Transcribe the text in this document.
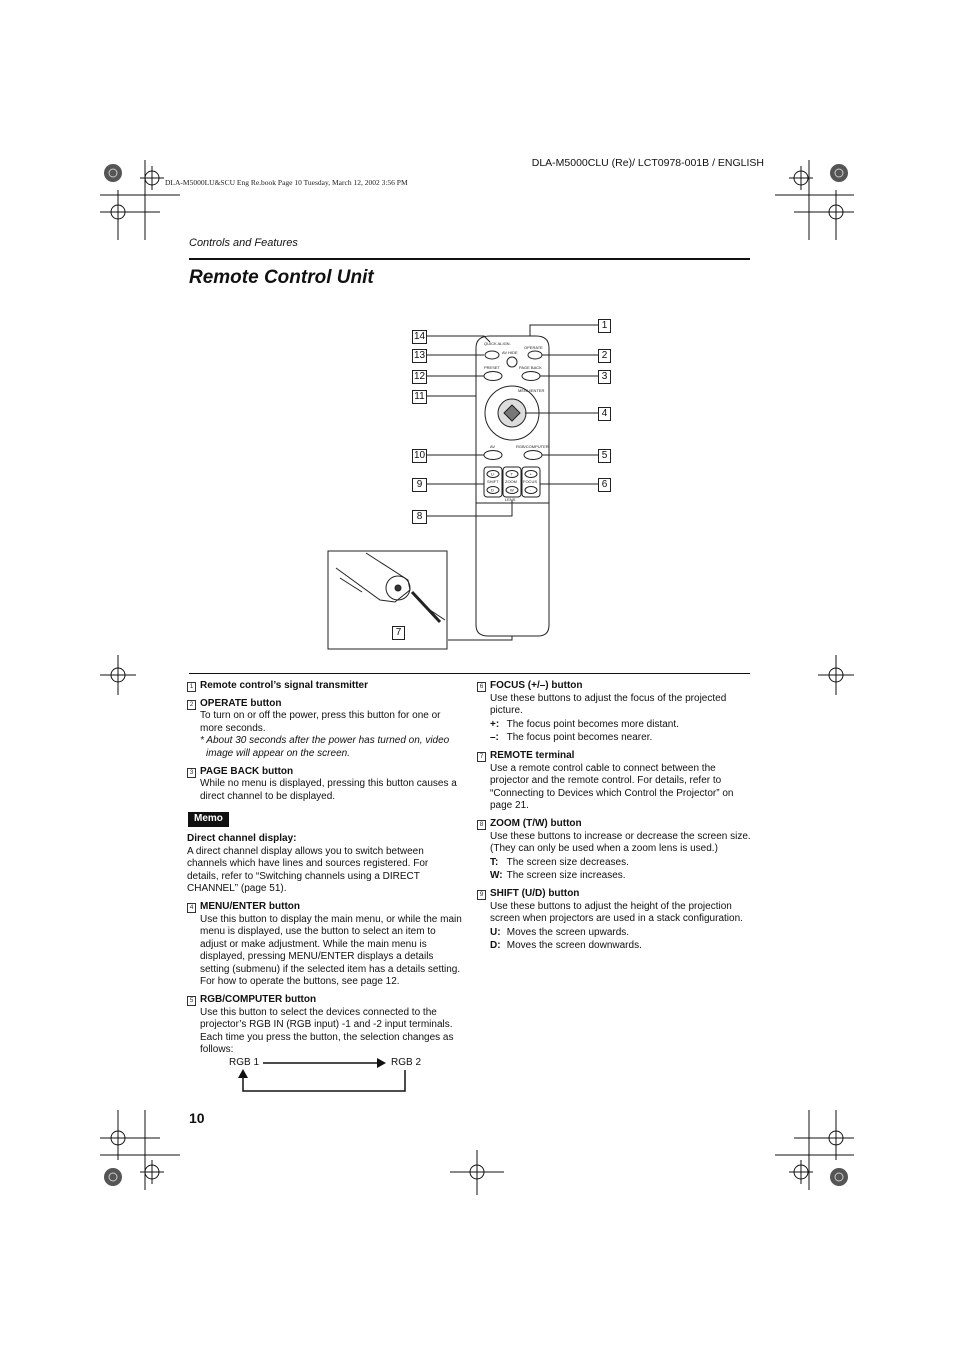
DLA-M5000LU&SCU Eng Re.book Page 10 Tuesday, March 12, 2002 3:56 PM
DLA-M5000CLU (Re)/ LCT0978-001B / ENGLISH
Controls and Features
Remote Control Unit
QUICK ALIGN.
AV HIDE
OPERATE
PRESET	PAGE BACK
MENU/ENTER
AV	RGB/COMPUTER
SHIFT ZOOM FOCUS
LENS
U
D
T
W
+
-
1
2
3
4
5
6
7
8
9
10
11
12
13
14
1 Remote control’s signal transmitter
2 OPERATE button

To turn on or off the power, press this button for one or more seconds.

* About 30 seconds after the power has turned on, video image will appear on the screen.

3 PAGE BACK button

While no menu is displayed, pressing this button causes a direct channel to be displayed.

Memo
Direct channel display:

A direct channel display allows you to switch between channels which have lines and sources registered. For details, refer to “Switching channels using a DIRECT CHANNEL” (page 51).

4 MENU/ENTER button

Use this button to display the main menu, or while the main menu is displayed, use the button to select an item to adjust or make adjustment. While the main menu is displayed, pressing MENU/ENTER displays a details setting (submenu) if the selected item has a details setting.

For how to operate the buttons, see page 12.

5 RGB/COMPUTER button

Use this button to select the devices connected to the projector’s RGB IN (RGB input) -1 and -2 input terminals. Each time you press the button, the selection changes as follows:

RGB 1	RGB 2
6 FOCUS (+/–) button

Use these buttons to adjust the focus of the projected picture.

+: The focus point becomes more distant.

–: The focus point becomes nearer.

7 REMOTE terminal

Use a remote control cable to connect between the projector and the remote control. For details, refer to “Connecting to Devices which Control the Projector” on page 21.

8 ZOOM (T/W) button

Use these buttons to increase or decrease the screen size. (They can only be used when a zoom lens is used.)

T: The screen size decreases.

W: The screen size increases.

9 SHIFT (U/D) button

Use these buttons to adjust the height of the projection screen when projectors are used in a stack configuration.

U: Moves the screen upwards.

D: Moves the screen downwards.

10
